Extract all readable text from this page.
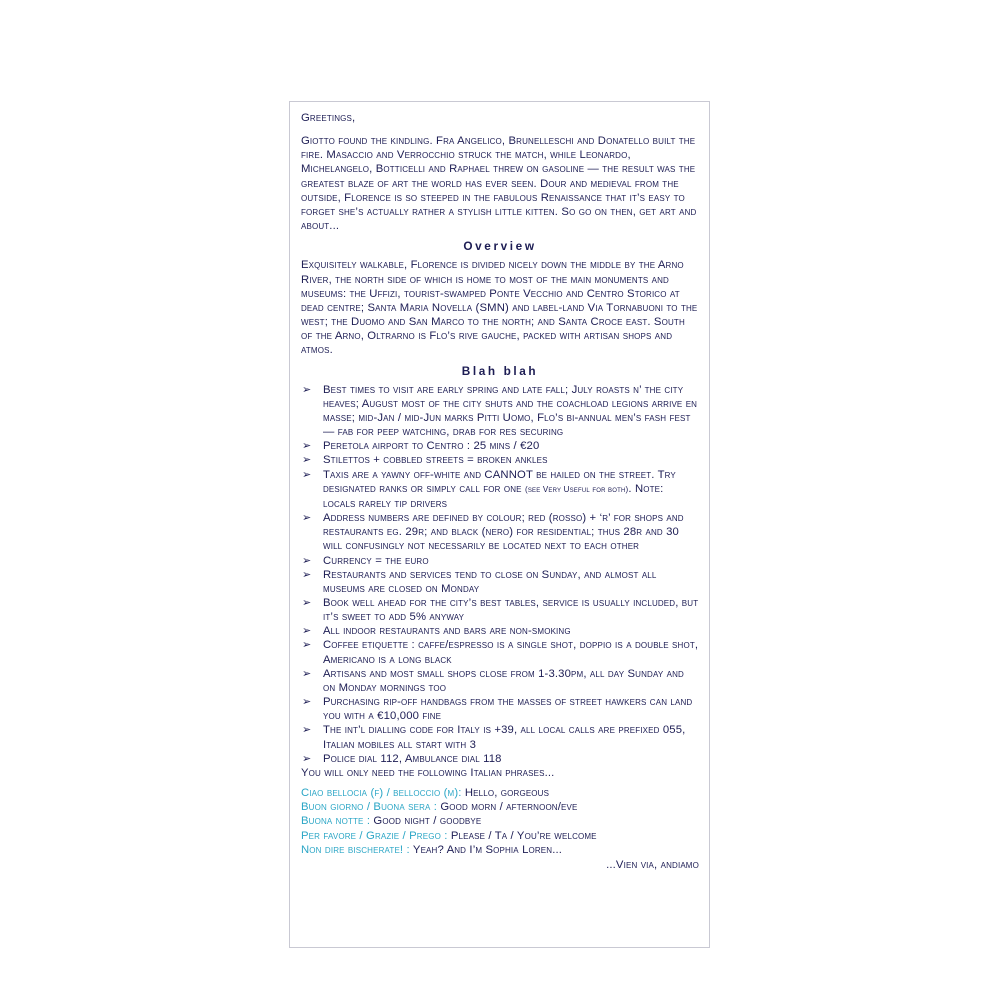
Greetings,

Giotto found the kindling. Fra Angelico, Brunelleschi and Donatello built the fire. Masaccio and Verrocchio struck the match, while Leonardo, Michelangelo, Botticelli and Raphael threw on gasoline — the result was the greatest blaze of art the world has ever seen. Dour and medieval from the outside, Florence is so steeped in the fabulous Renaissance that it’s easy to forget she’s actually rather a stylish little kitten. So go on then, get art and about...

Overview

Exquisitely walkable, Florence is divided nicely down the middle by the Arno River, the north side of which is home to most of the main monuments and museums: the Uffizi, tourist-swamped Ponte Vecchio and Centro Storico at dead centre; Santa Maria Novella (SMN) and label-land Via Tornabuoni to the west; the Duomo and San Marco to the north; and Santa Croce east. South of the Arno, Oltrarno is Flo’s rive gauche, packed with artisan shops and atmos.

Blah blah
➢ Best times to visit are early spring and late fall; July roasts n’ the city heaves; August most of the city shuts and the coachload legions arrive en masse; mid-Jan / mid-Jun marks Pitti Uomo, Flo’s bi-annual men’s fash fest— fab for peep watching, drab for res securing
➢ Peretola airport to Centro : 25 mins / €20
➢ Stilettos + cobbled streets = broken ankles
➢ Taxis are a yawny off-white and CANNOT be hailed on the street. Try designated ranks or simply call for one (see Very Useful for both). Note: locals rarely tip drivers
➢ Address numbers are defined by colour; red (rosso) + ‘r’ for shops and restaurants eg. 29r; and black (nero) for residential; thus 28r and 30 will confusingly not necessarily be located next to each other
➢ Currency = the euro
➢ Restaurants and services tend to close on Sunday, and almost all museums are closed on Monday
➢ Book well ahead for the city’s best tables, service is usually included, but it’s sweet to add 5% anyway
➢ All indoor restaurants and bars are non-smoking
➢ Coffee etiquette : caffe/espresso is a single shot, doppio is a double shot, Americano is a long black
➢ Artisans and most small shops close from 1-3.30pm, all day Sunday and on Monday mornings too
➢ Purchasing rip-off handbags from the masses of street hawkers can land you with a €10,000 fine
➢ The int’l dialling code for Italy is +39, all local calls are prefixed 055, Italian mobiles all start with 3
➢ Police dial 112, Ambulance dial 118

You will only need the following Italian phrases...

Ciao bellocia (f) / belloccio (m): Hello, gorgeous
Buon giorno / Buona sera : Good morn / afternoon/eve
Buona notte : Good night / goodbye
Per favore / Grazie / Prego : Please / Ta / You’re welcome
Non dire bischerate! : Yeah? And I’m Sophia Loren...

...Vien via, andiamo
